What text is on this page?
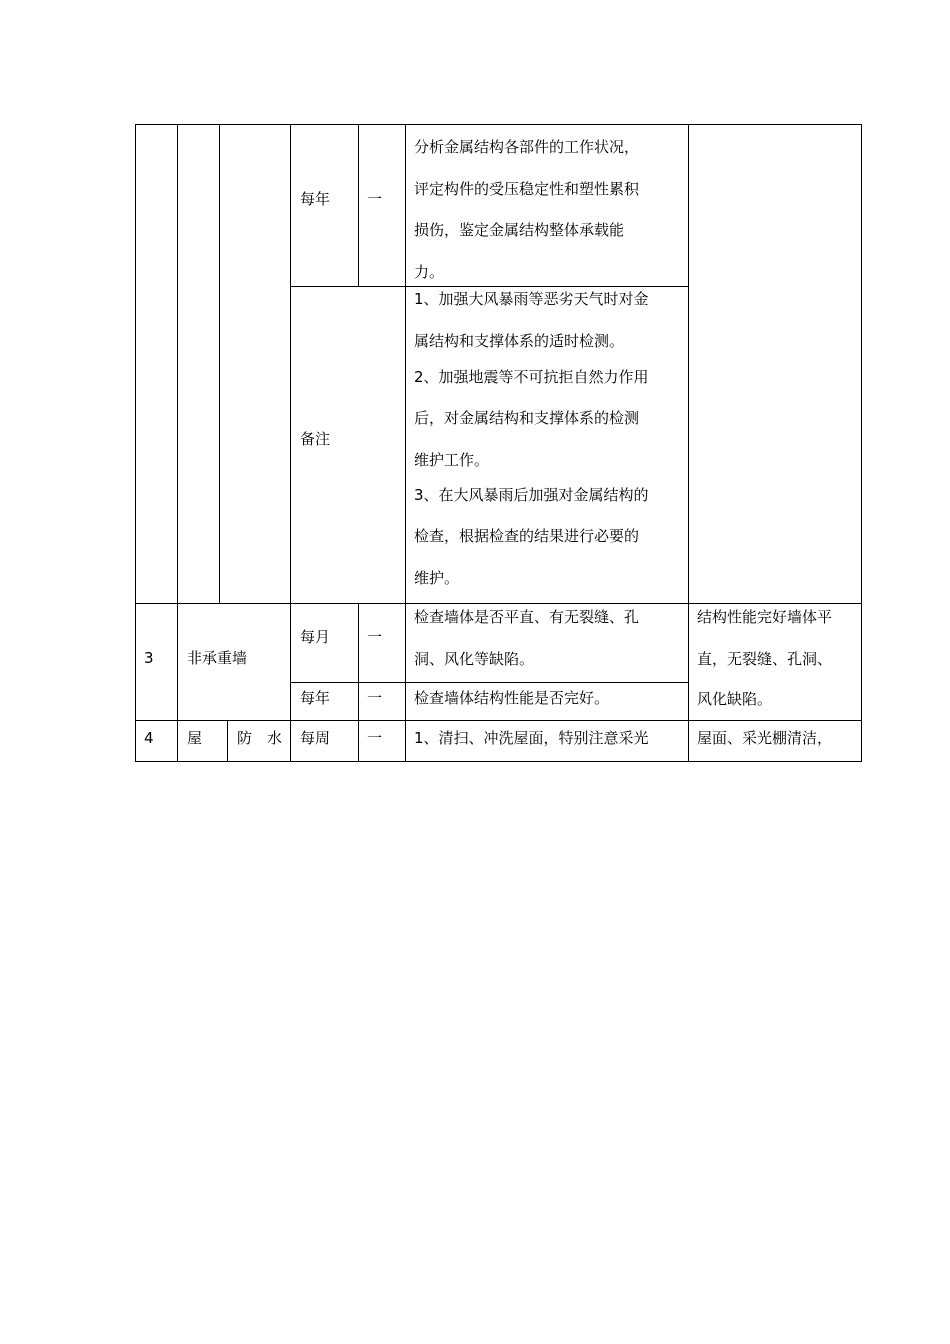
每年 一
分析金属结构各部件的工作状况，
评定构件的受压稳定性和塑性累积
损伤，鉴定金属结构整体承载能
力。
备注
1、加强大风暴雨等恶劣天气时对金
属结构和支撑体系的适时检测。
2、加强地震等不可抗拒自然力作用
后，对金属结构和支撑体系的检测
维护工作。
3、在大风暴雨后加强对金属结构的
检查，根据检查的结果进行必要的
维护。
3 非承重墙
每月 一
检查墙体是否平直、有无裂缝、孔
洞、风化等缺陷。
每年 一 检查墙体结构性能是否完好。
结构性能完好墙体平
直，无裂缝、孔洞、
风化缺陷。
4 屋 防　水 每周 一 1、清扫、冲洗屋面，特别注意采光	屋面、采光棚清洁，
